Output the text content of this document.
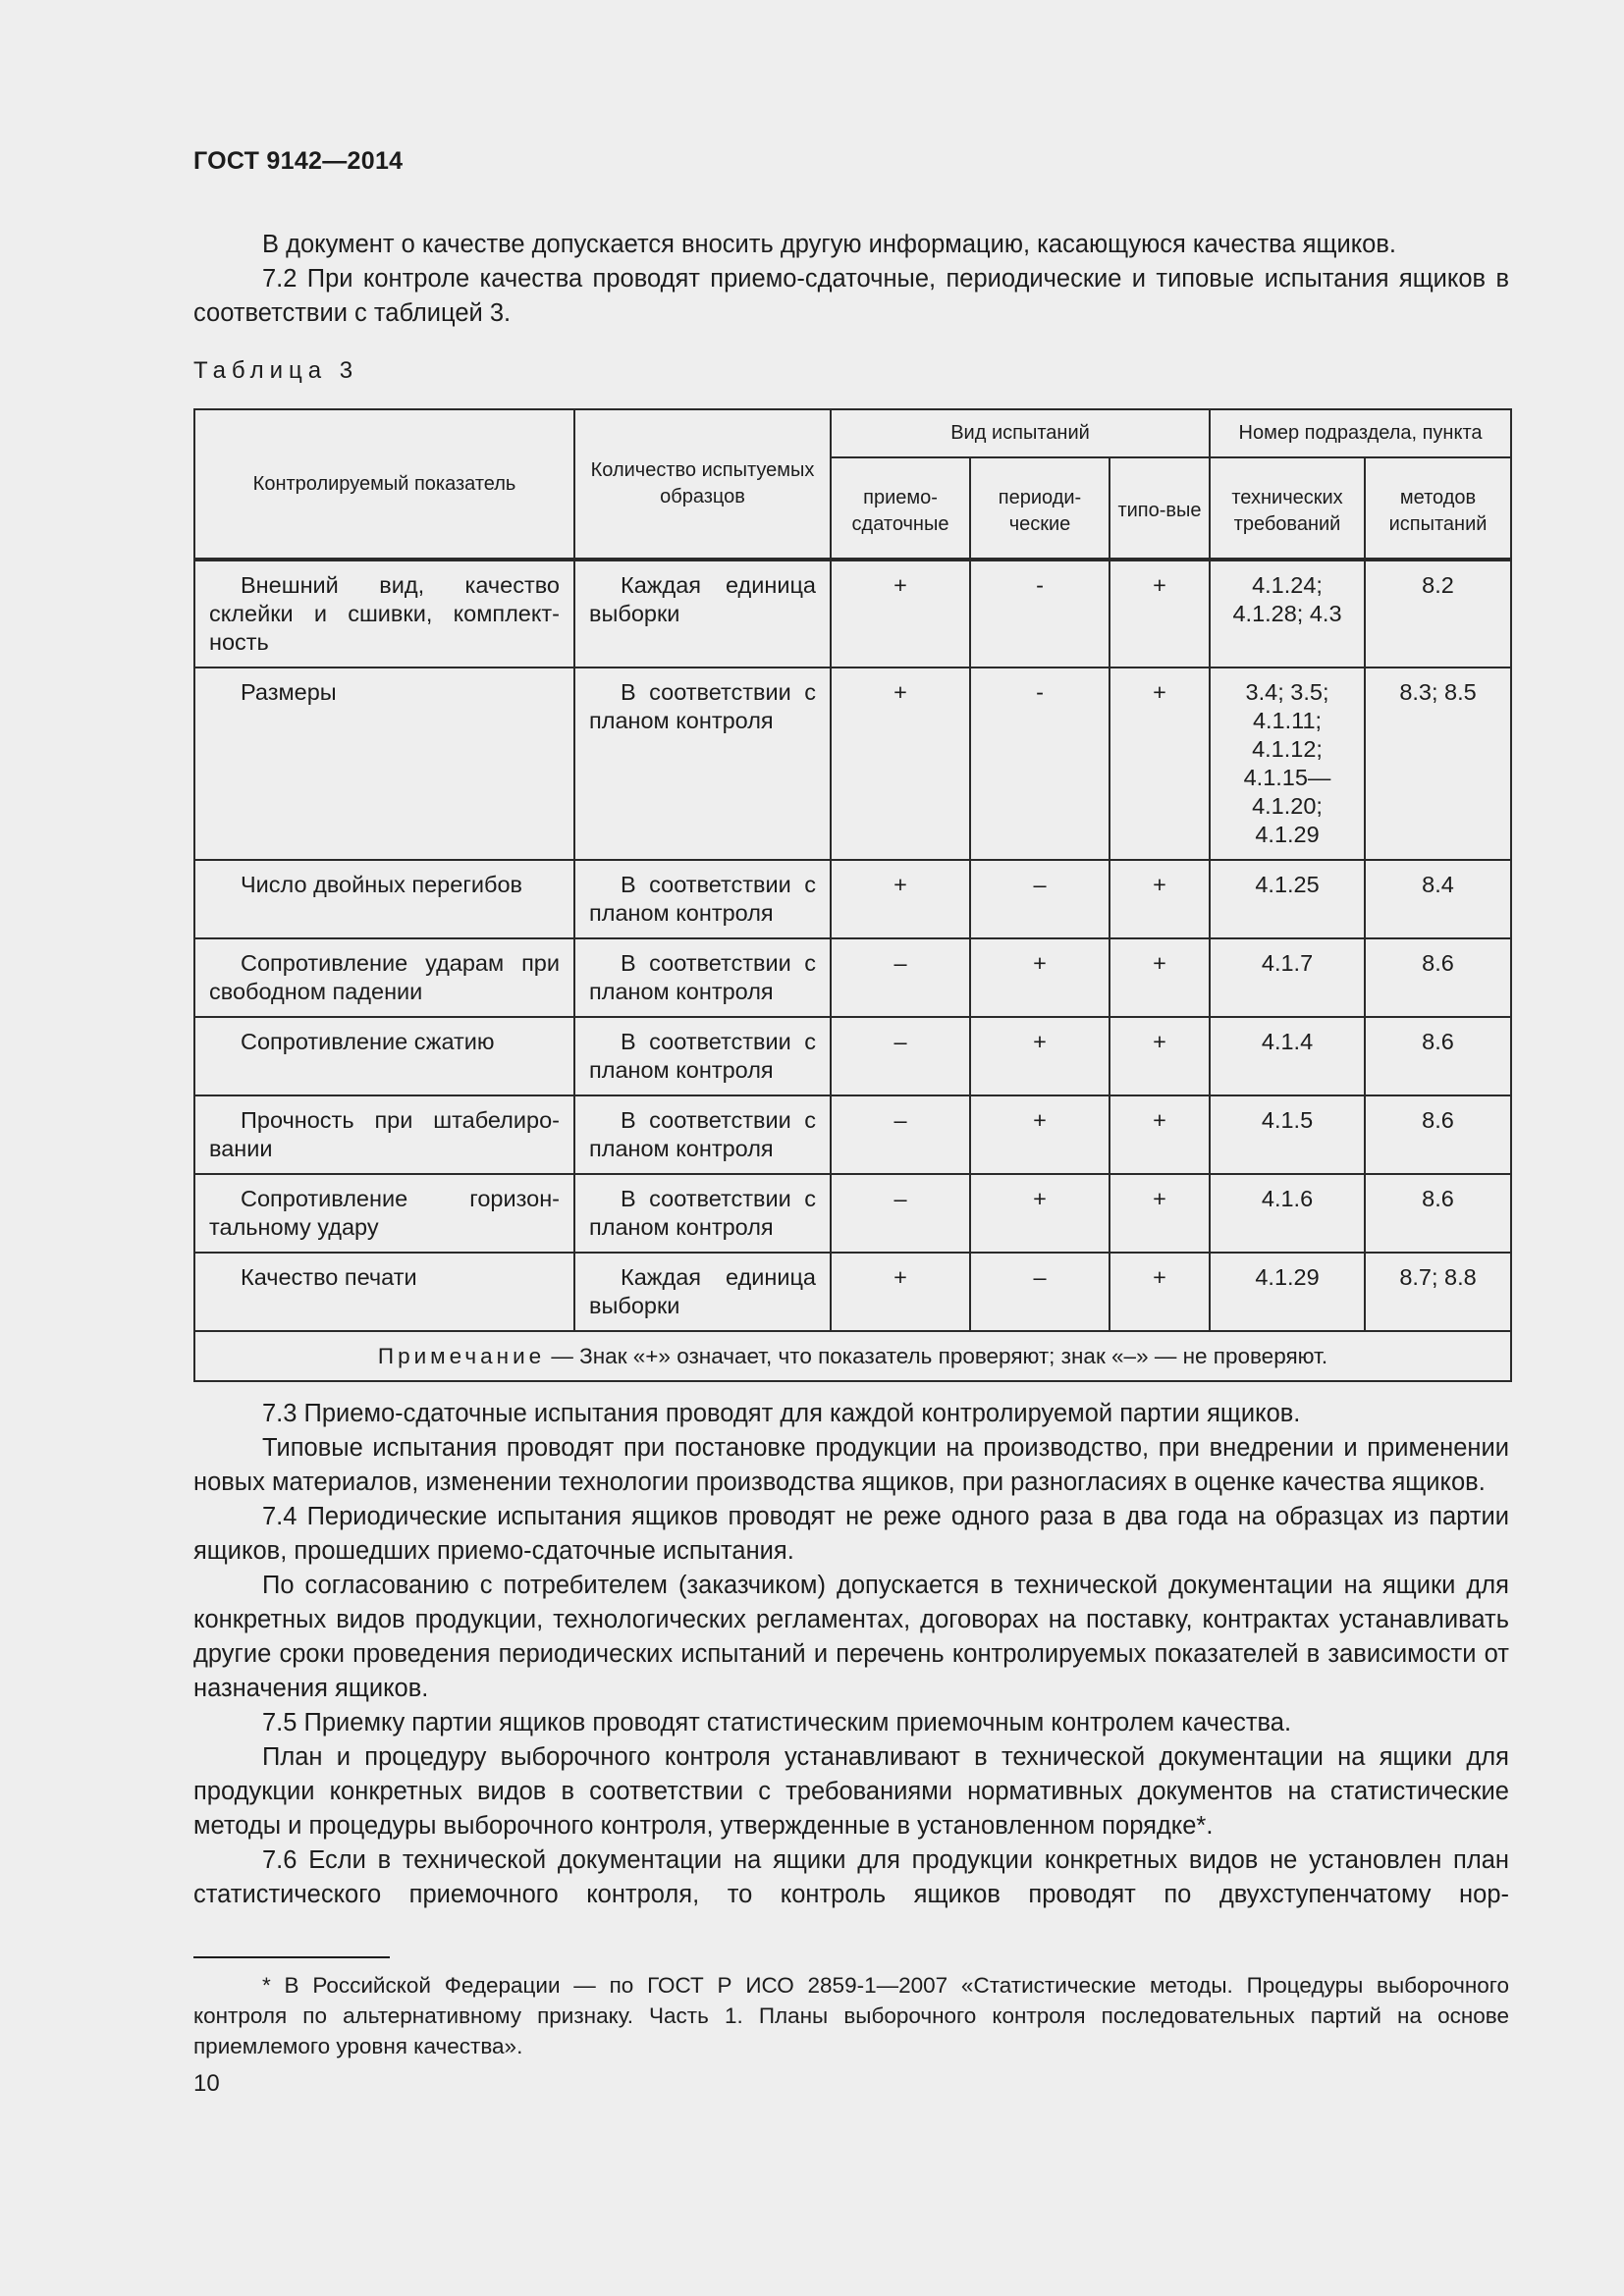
ГОСТ 9142—2014

В документ о качестве допускается вносить другую информацию, касающуюся качества ящиков.

7.2 При контроле качества проводят приемо-сдаточные, периодические и типовые испытания ящиков в соответствии с таблицей 3.

Таблица 3
Контролируемый показатель	Количество испытуемых образцов	Вид испытаний			Номер подраздела, пункта	
		приемо-сдаточные	периоди-ческие	типо-вые	технических требований	методов испытаний
Внешний вид, качество склейки и сшивки, комплект-ность	Каждая единица выборки	+	-	+	4.1.24; 4.1.28; 4.3	8.2
Размеры	В соответствии с планом контроля	+	-	+	3.4; 3.5; 4.1.11; 4.1.12; 4.1.15— 4.1.20; 4.1.29	8.3; 8.5
Число двойных перегибов	В соответствии с планом контроля	+	–	+	4.1.25	8.4
Сопротивление ударам при свободном падении	В соответствии с планом контроля	–	+	+	4.1.7	8.6
Сопротивление сжатию	В соответствии с планом контроля	–	+	+	4.1.4	8.6
Прочность при штабелиро-вании	В соответствии с планом контроля	–	+	+	4.1.5	8.6
Сопротивление горизон-тальному удару	В соответствии с планом контроля	–	+	+	4.1.6	8.6
Качество печати	Каждая единица выборки	+	–	+	4.1.29	8.7; 8.8
Примечание — Знак «+» означает, что показатель проверяют; знак «–» — не проверяют.						

7.3 Приемо-сдаточные испытания проводят для каждой контролируемой партии ящиков.

Типовые испытания проводят при постановке продукции на производство, при внедрении и применении новых материалов, изменении технологии производства ящиков, при разногласиях в оценке качества ящиков.

7.4 Периодические испытания ящиков проводят не реже одного раза в два года на образцах из партии ящиков, прошедших приемо-сдаточные испытания.

По согласованию с потребителем (заказчиком) допускается в технической документации на ящики для конкретных видов продукции, технологических регламентах, договорах на поставку, контрактах устанавливать другие сроки проведения периодических испытаний и перечень контролируемых показателей в зависимости от назначения ящиков.

7.5 Приемку партии ящиков проводят статистическим приемочным контролем качества.

План и процедуру выборочного контроля устанавливают в технической документации на ящики для продукции конкретных видов в соответствии с требованиями нормативных документов на статистические методы и процедуры выборочного контроля, утвержденные в установленном порядке*.

7.6 Если в технической документации на ящики для продукции конкретных видов не установлен план статистического приемочного контроля, то контроль ящиков проводят по двухступенчатому нор-

* В Российской Федерации — по ГОСТ Р ИСО 2859-1—2007 «Статистические методы. Процедуры выборочного контроля по альтернативному признаку. Часть 1. Планы выборочного контроля последовательных партий на основе приемлемого уровня качества».
10
